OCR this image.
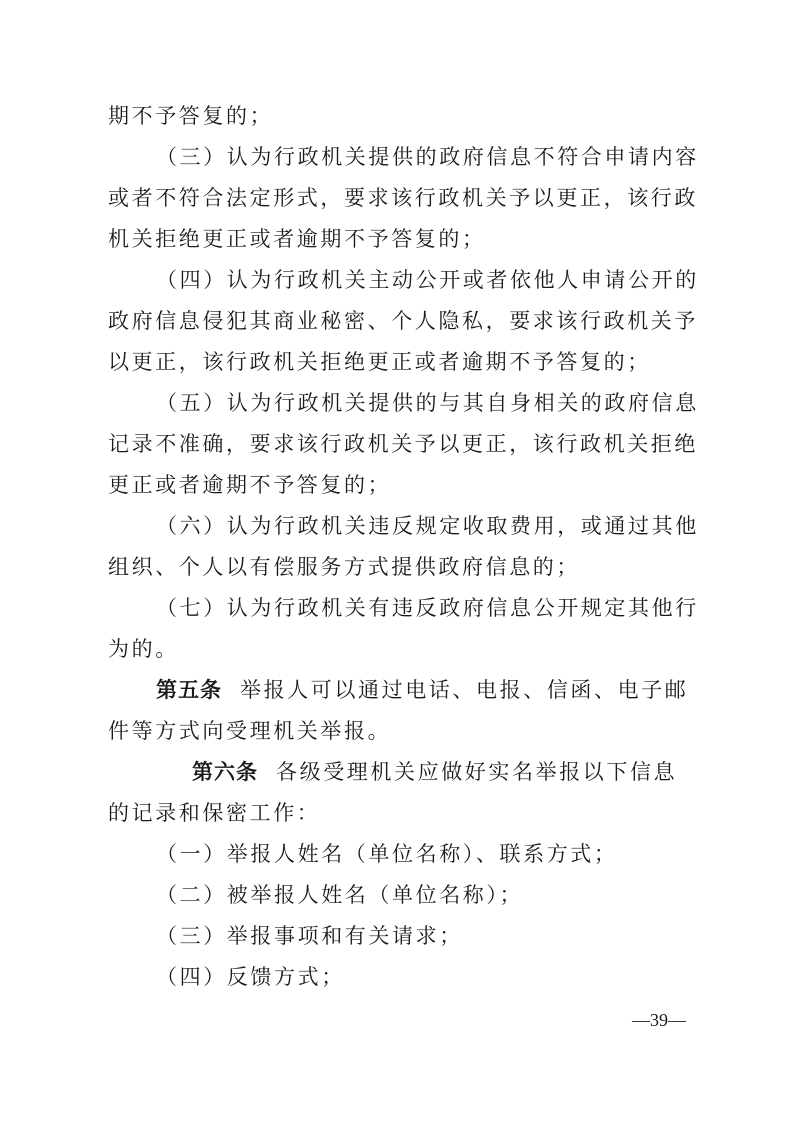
期不予答复的；

（三）认为行政机关提供的政府信息不符合申请内容
或者不符合法定形式，要求该行政机关予以更正，该行政
机关拒绝更正或者逾期不予答复的；

（四）认为行政机关主动公开或者依他人申请公开的
政府信息侵犯其商业秘密、个人隐私，要求该行政机关予
以更正，该行政机关拒绝更正或者逾期不予答复的；

（五）认为行政机关提供的与其自身相关的政府信息
记录不准确，要求该行政机关予以更正，该行政机关拒绝
更正或者逾期不予答复的；

（六）认为行政机关违反规定收取费用，或通过其他
组织、个人以有偿服务方式提供政府信息的；

（七）认为行政机关有违反政府信息公开规定其他行
为的。

第五条 举报人可以通过电话、电报、信函、电子邮
件等方式向受理机关举报。

第六条 各级受理机关应做好实名举报以下信息
的记录和保密工作：

（一）举报人姓名（单位名称）、联系方式；

（二）被举报人姓名（单位名称）；

（三）举报事项和有关请求；

（四）反馈方式；

—39—
